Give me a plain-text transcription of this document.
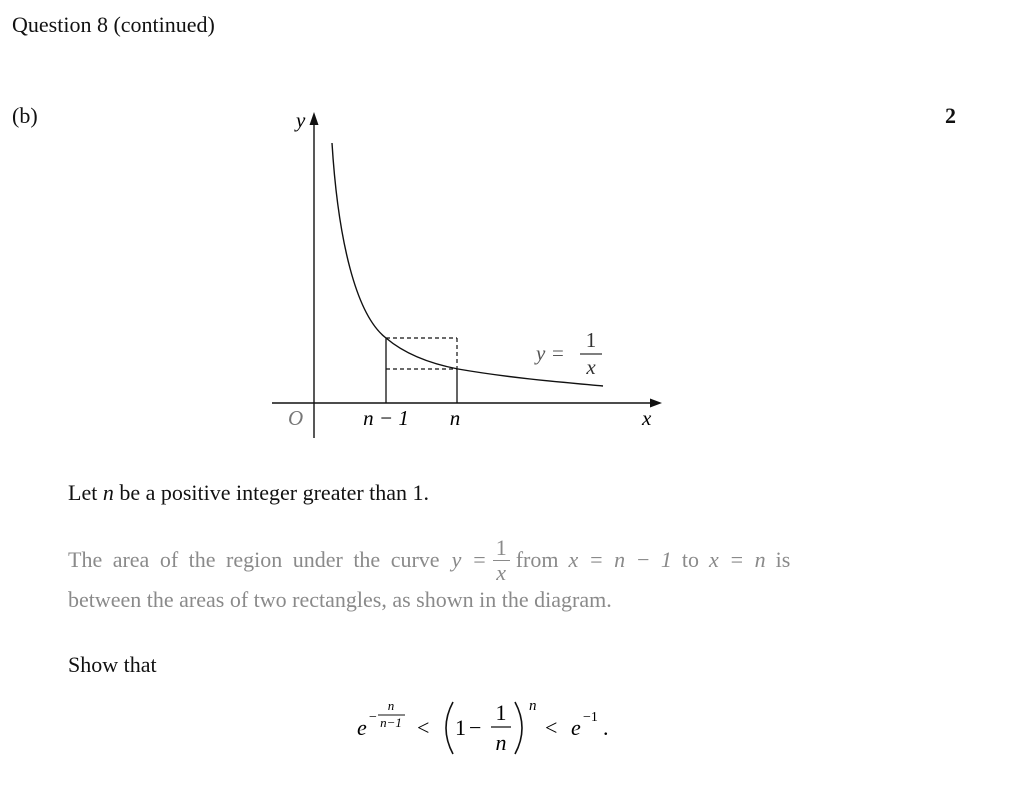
Question 8 (continued)
(b)	2
y
x
O	n − 1 n
y =
1
x
Let n be a positive integer greater than 1.
The area of the region under the curve $y = \frac{1}{x}$ from x = n − 1 to x = n is
between the areas of two rectangles, as shown in the diagram.
Show that
e −
n
n−1 < 1 −
1
n
n
< e −1 .
